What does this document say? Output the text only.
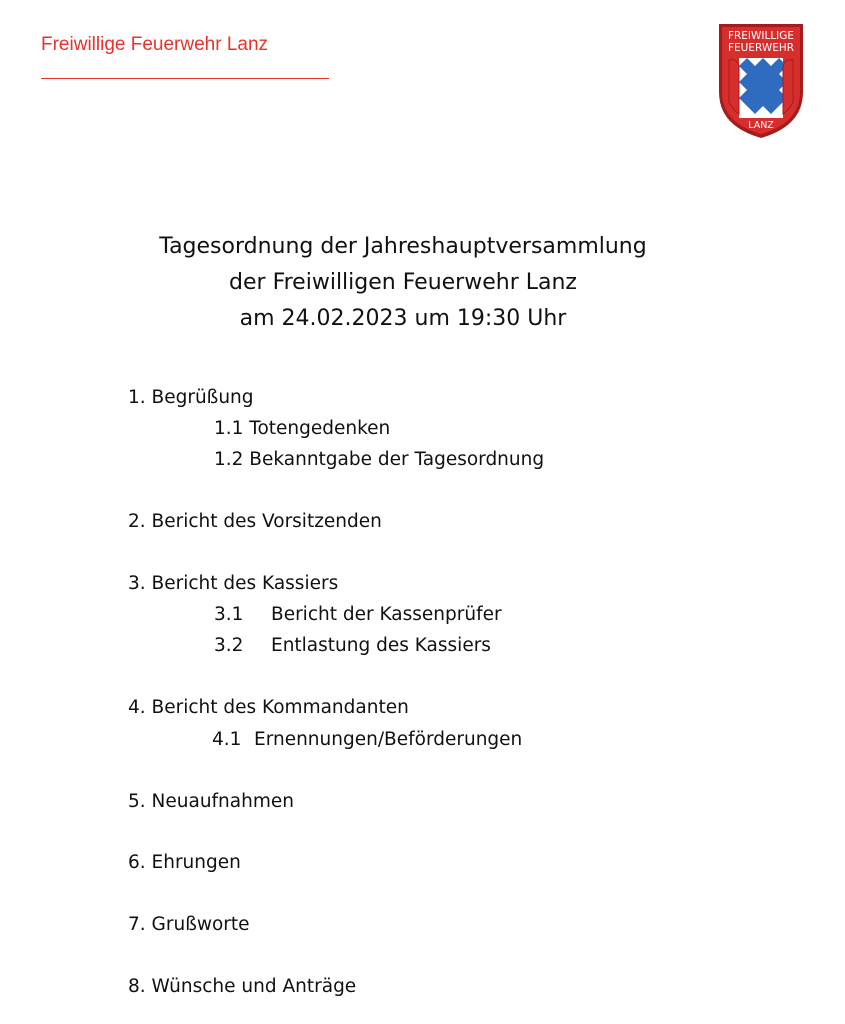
Freiwillige Feuerwehr Lanz	FREIWILLIGE
FEUERWEHR
LANZ
Tagesordnung der Jahreshauptversammlung
der Freiwilligen Feuerwehr Lanz
am 24.02.2023 um 19:30 Uhr
1. Begrüßung
1.1 Totengedenken
1.2 Bekanntgabe der Tagesordnung
2. Bericht des Vorsitzenden
3. Bericht des Kassiers
3.1 Bericht der Kassenprüfer
3.2 Entlastung des Kassiers
4. Bericht des Kommandanten
4.1 Ernennungen/Beförderungen
5. Neuaufnahmen
6. Ehrungen
7. Grußworte
8. Wünsche und Anträge
